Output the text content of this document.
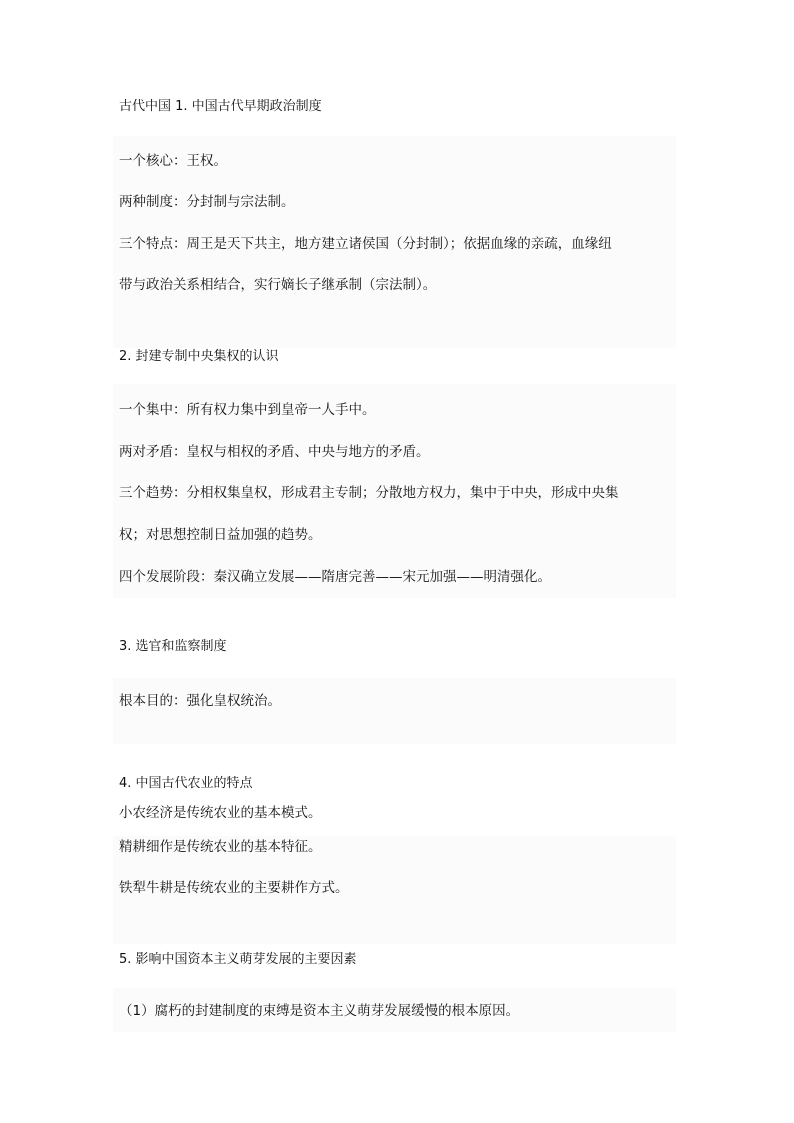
古代中国 1. 中国古代早期政治制度
一个核心：王权。
两种制度：分封制与宗法制。
三个特点：周王是天下共主，地方建立诸侯国（分封制）；依据血缘的亲疏，血缘纽
带与政治关系相结合，实行嫡长子继承制（宗法制）。
2. 封建专制中央集权的认识
一个集中：所有权力集中到皇帝一人手中。
两对矛盾：皇权与相权的矛盾、中央与地方的矛盾。
三个趋势：分相权集皇权，形成君主专制；分散地方权力，集中于中央，形成中央集
权；对思想控制日益加强的趋势。
四个发展阶段：秦汉确立发展——隋唐完善——宋元加强——明清强化。
3. 选官和监察制度
根本目的：强化皇权统治。
4. 中国古代农业的特点
小农经济是传统农业的基本模式。
精耕细作是传统农业的基本特征。
铁犁牛耕是传统农业的主要耕作方式。
5. 影响中国资本主义萌芽发展的主要因素
（1）腐朽的封建制度的束缚是资本主义萌芽发展缓慢的根本原因。
